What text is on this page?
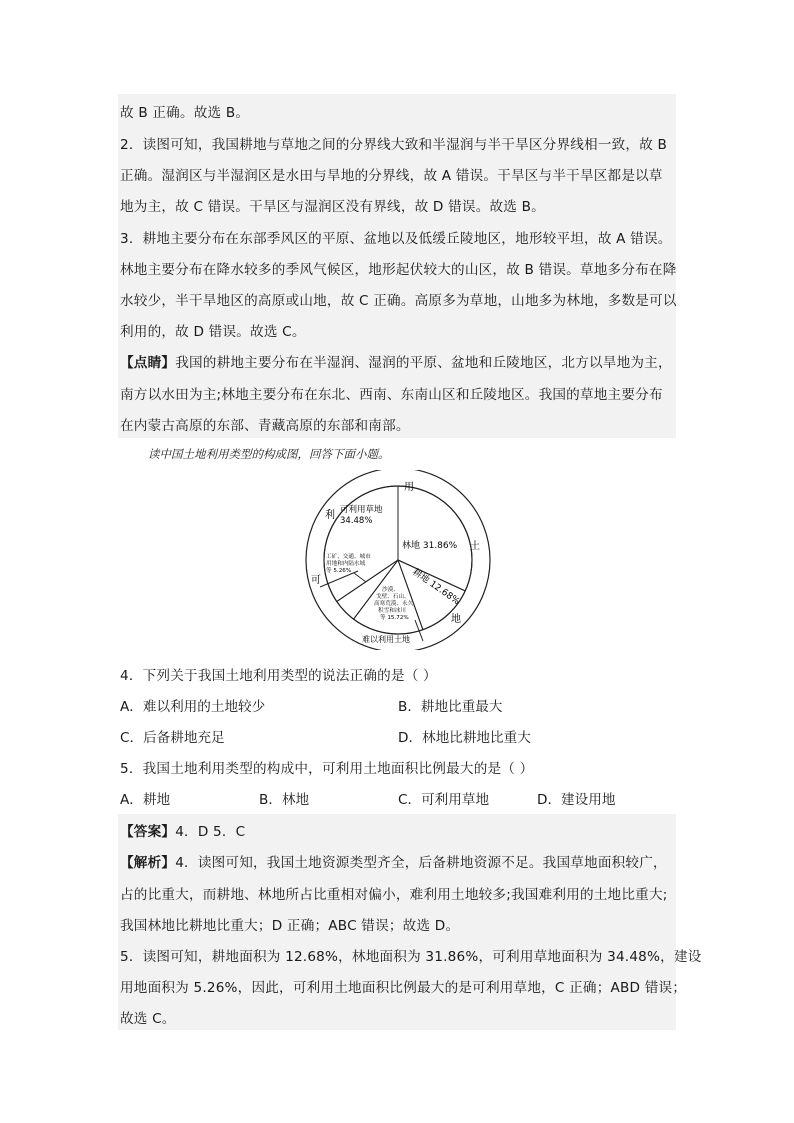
故 B 正确。故选 B。
2．读图可知，我国耕地与草地之间的分界线大致和半湿润与半干旱区分界线相一致，故 B
正确。湿润区与半湿润区是水田与旱地的分界线，故 A 错误。干旱区与半干旱区都是以草
地为主，故 C 错误。干旱区与湿润区没有界线，故 D 错误。故选 B。
3．耕地主要分布在东部季风区的平原、盆地以及低缓丘陵地区，地形较平坦，故 A 错误。
林地主要分布在降水较多的季风气候区，地形起伏较大的山区，故 B 错误。草地多分布在降
水较少，半干旱地区的高原或山地，故 C 正确。高原多为草地，山地多为林地，多数是可以
利用的，故 D 错误。故选 C。
【点睛】我国的耕地主要分布在半湿润、湿润的平原、盆地和丘陵地区，北方以旱地为主，
南方以水田为主;林地主要分布在东北、西南、东南山区和丘陵地区。我国的草地主要分布
在内蒙古高原的东部、青藏高原的东部和南部。
读中国土地利用类型的构成图，回答下面小题。
用
利
土
可
地
难以利用土地
林地 31.86%
耕地 12.68%
可利用草地 34.48%
工矿、交通、城市 用地和内陆水域 等 5.26%
沙漠、 戈壁、石山、 高寒荒漠、永久 积雪和冰川 等 15.72%
4．下列关于我国土地利用类型的说法正确的是（ ）
A．难以利用的土地较少	B．耕地比重最大
C．后备耕地充足	D．林地比耕地比重大
5．我国土地利用类型的构成中，可利用土地面积比例最大的是（ ）
A．耕地	B．林地	C．可利用草地	D．建设用地
【答案】4．D 5．C
【解析】4．读图可知，我国土地资源类型齐全，后备耕地资源不足。我国草地面积较广，
占的比重大，而耕地、林地所占比重相对偏小，难利用土地较多;我国难利用的土地比重大;
我国林地比耕地比重大；D 正确；ABC 错误；故选 D。
5．读图可知，耕地面积为 12.68%，林地面积为 31.86%，可利用草地面积为 34.48%，建设
用地面积为 5.26%，因此，可利用土地面积比例最大的是可利用草地，C 正确；ABD 错误；
故选 C。
